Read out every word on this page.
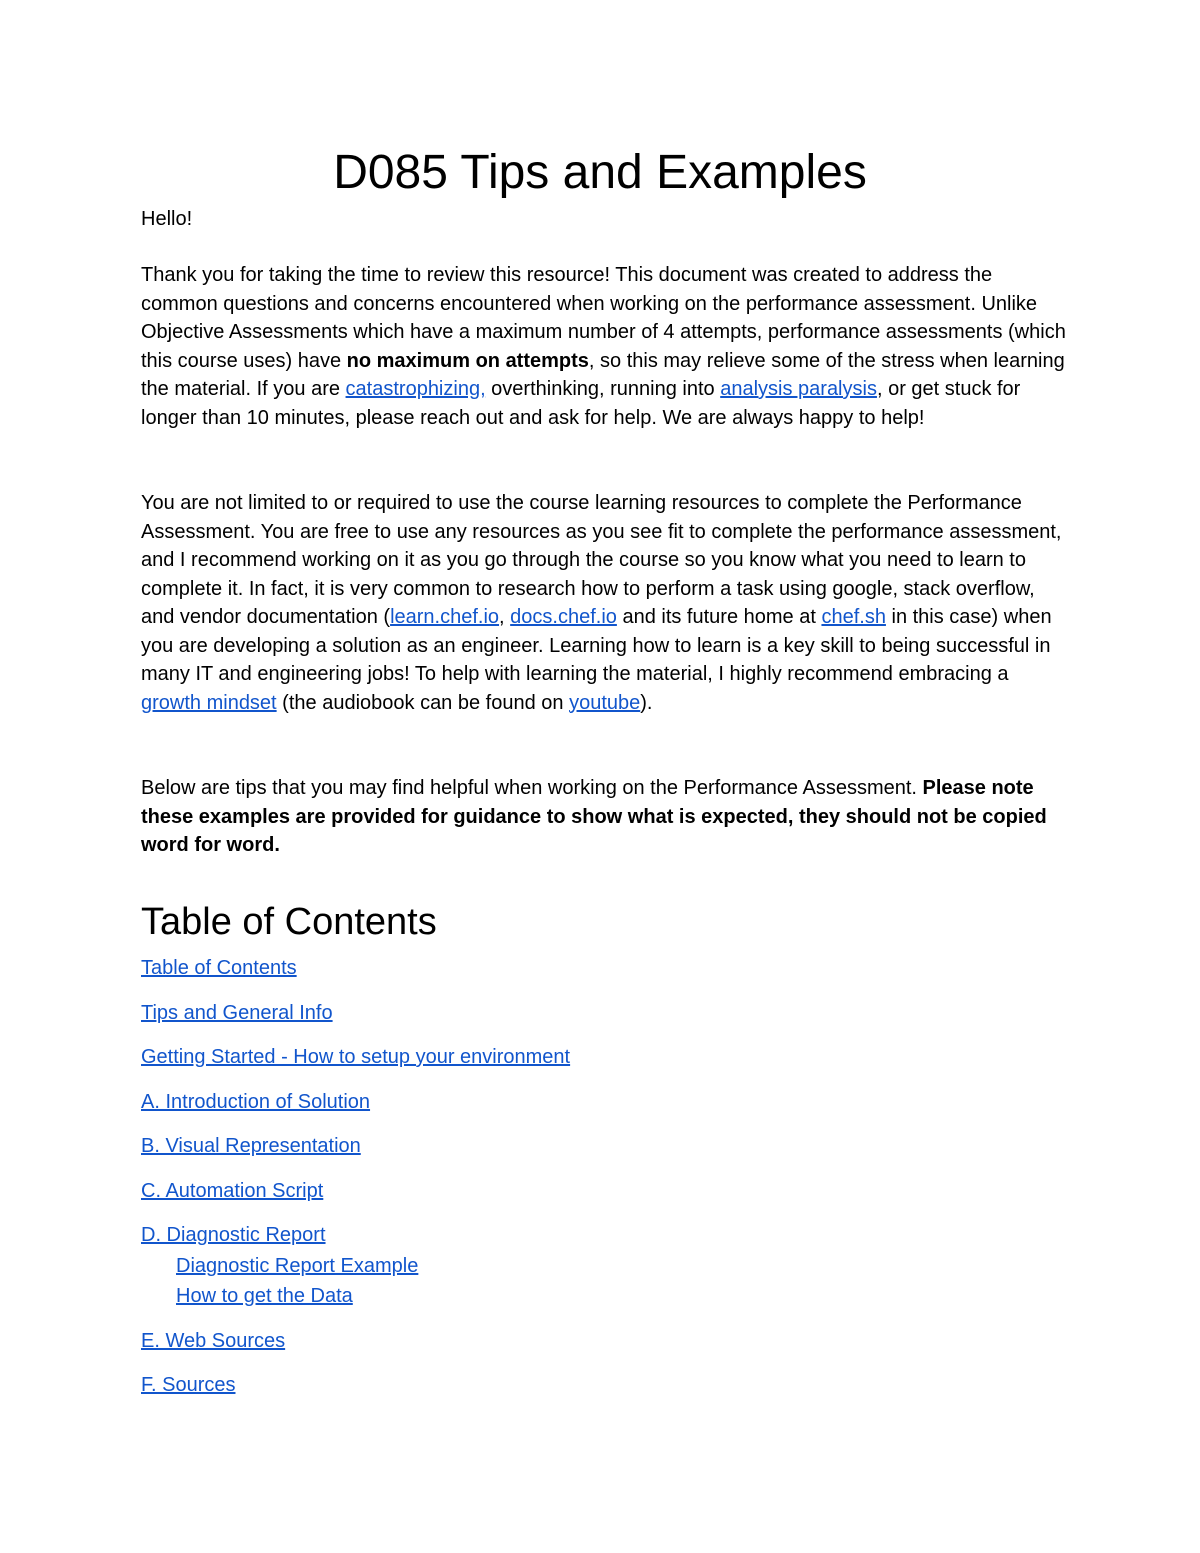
D085 Tips and Examples

Hello!

Thank you for taking the time to review this resource! This document was created to address the common questions and concerns encountered when working on the performance assessment. Unlike Objective Assessments which have a maximum number of 4 attempts, performance assessments (which this course uses) have no maximum on attempts, so this may relieve some of the stress when learning the material. If you are catastrophizing, overthinking, running into analysis paralysis, or get stuck for longer than 10 minutes, please reach out and ask for help. We are always happy to help!

You are not limited to or required to use the course learning resources to complete the Performance Assessment. You are free to use any resources as you see fit to complete the performance assessment, and I recommend working on it as you go through the course so you know what you need to learn to complete it. In fact, it is very common to research how to perform a task using google, stack overflow, and vendor documentation (learn.chef.io, docs.chef.io and its future home at chef.sh in this case) when you are developing a solution as an engineer. Learning how to learn is a key skill to being successful in many IT and engineering jobs! To help with learning the material, I highly recommend embracing a growth mindset (the audiobook can be found on youtube).

Below are tips that you may find helpful when working on the Performance Assessment. Please note these examples are provided for guidance to show what is expected, they should not be copied word for word.

Table of Contents
Table of Contents
Tips and General Info
Getting Started - How to setup your environment
A. Introduction of Solution
B. Visual Representation
C. Automation Script
D. Diagnostic Report
Diagnostic Report Example
How to get the Data
E. Web Sources
F. Sources
